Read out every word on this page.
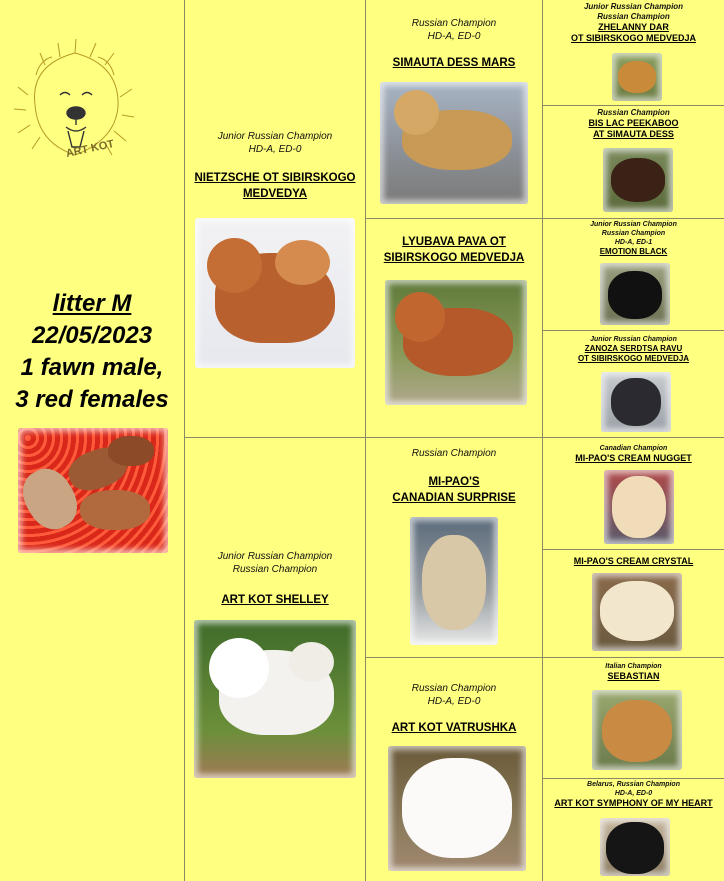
ART KOT
litter M
22/05/2023
1 fawn male,
3 red females
Junior Russian Champion
HD-A, ED-0
NIETZSCHE OT SIBIRSKOGO
MEDVEDYA
Junior Russian Champion
Russian Champion
ART KOT SHELLEY
Russian Champion
HD-A, ED-0
SIMAUTA DESS MARS
LYUBAVA PAVA OT
SIBIRSKOGO MEDVEDJA
Russian Champion
MI-PAO'S
CANADIAN SURPRISE
Russian Champion
HD-A, ED-0
ART KOT VATRUSHKA
Junior Russian Champion
Russian Champion
ZHELANNY DAR
OT SIBIRSKOGO MEDVEDJA
Russian Champion
BIS LAC PEEKABOO
AT SIMAUTA DESS
Junior Russian Champion
Russian Champion
HD-A, ED-1
EMOTION BLACK
Junior Russian Champion
ZANOZA SERDTSA RAVU
OT SIBIRSKOGO MEDVEDJA
Canadian Champion
MI-PAO'S CREAM NUGGET
MI-PAO'S CREAM CRYSTAL
Italian Champion
SEBASTIAN
Belarus, Russian Champion
HD-A, ED-0
ART KOT SYMPHONY OF MY HEART
